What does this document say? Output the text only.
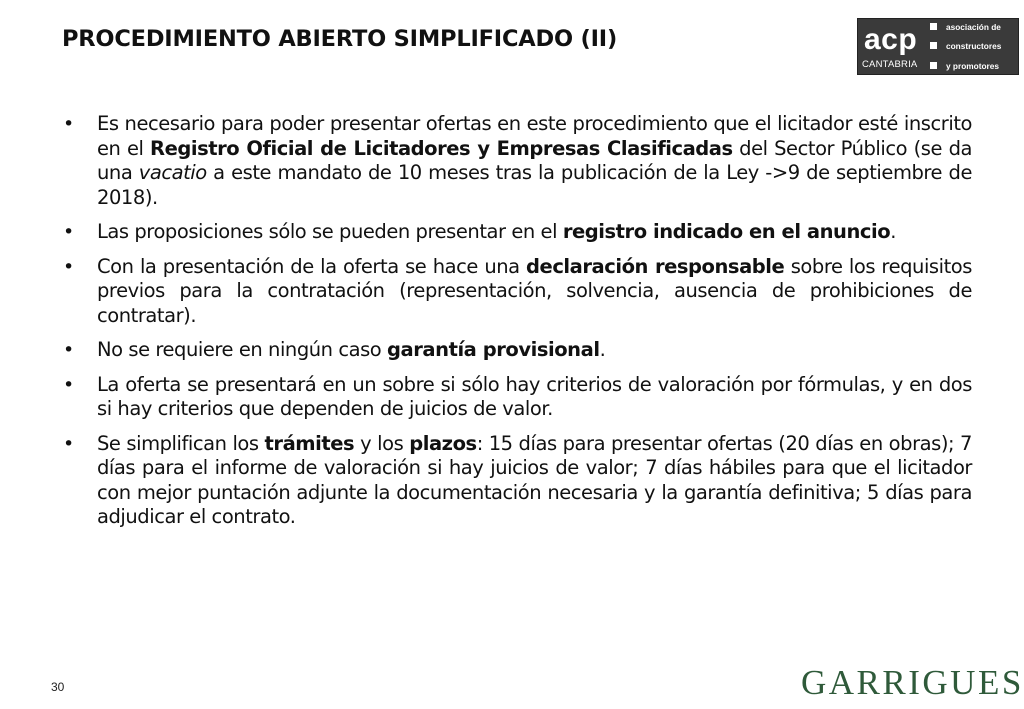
PROCEDIMIENTO ABIERTO SIMPLIFICADO (II)	acp
CANTABRIA
asociación de
constructores
y promotores
• Es necesario para poder presentar ofertas en este procedimiento que el licitador esté inscrito en el Registro Oficial de Licitadores y Empresas Clasificadas del Sector Público (se da una vacatio a este mandato de 10 meses tras la publicación de la Ley ->9 de septiembre de 2018).
• Las proposiciones sólo se pueden presentar en el registro indicado en el anuncio.
• Con la presentación de la oferta se hace una declaración responsable sobre los requisitos previos para la contratación (representación, solvencia, ausencia de prohibiciones de contratar).
• No se requiere en ningún caso garantía provisional.
• La oferta se presentará en un sobre si sólo hay criterios de valoración por fórmulas, y en dos si hay criterios que dependen de juicios de valor.
• Se simplifican los trámites y los plazos: 15 días para presentar ofertas (20 días en obras); 7 días para el informe de valoración si hay juicios de valor; 7 días hábiles para que el licitador con mejor puntación adjunte la documentación necesaria y la garantía definitiva; 5 días para adjudicar el contrato.
30	GARRIGUES
